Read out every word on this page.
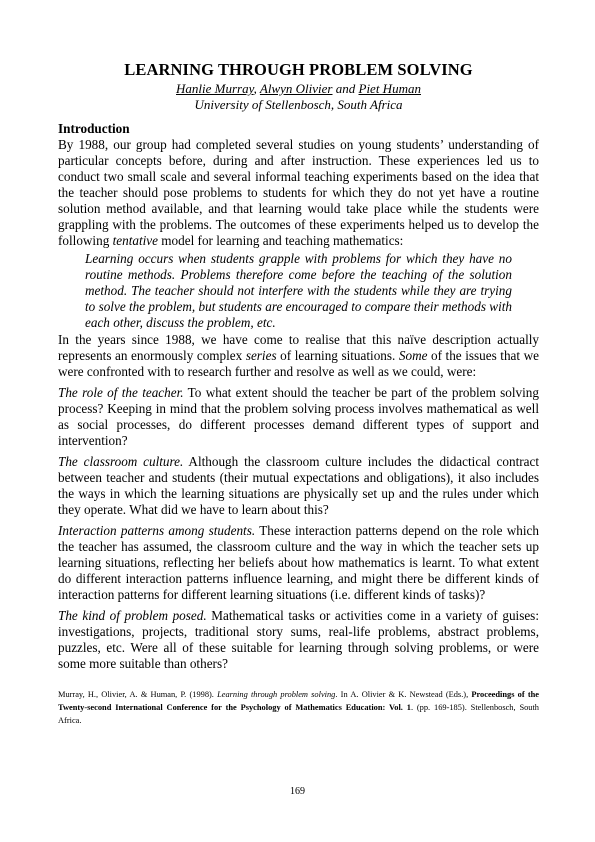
LEARNING THROUGH PROBLEM SOLVING
Hanlie Murray, Alwyn Olivier and Piet Human
University of Stellenbosch, South Africa
Introduction

By 1988, our group had completed several studies on young students’ understanding of particular concepts before, during and after instruction. These experiences led us to conduct two small scale and several informal teaching experiments based on the idea that the teacher should pose problems to students for which they do not yet have a routine solution method available, and that learning would take place while the students were grappling with the problems. The outcomes of these experiments helped us to develop the following tentative model for learning and teaching mathematics:

Learning occurs when students grapple with problems for which they have no routine methods. Problems therefore come before the teaching of the solution method. The teacher should not interfere with the students while they are trying to solve the problem, but students are encouraged to compare their methods with each other, discuss the problem, etc.

In the years since 1988, we have come to realise that this naïve description actually represents an enormously complex series of learning situations. Some of the issues that we were confronted with to research further and resolve as well as we could, were:

The role of the teacher. To what extent should the teacher be part of the problem solving process? Keeping in mind that the problem solving process involves mathematical as well as social processes, do different processes demand different types of support and intervention?

The classroom culture. Although the classroom culture includes the didactical contract between teacher and students (their mutual expectations and obligations), it also includes the ways in which the learning situations are physically set up and the rules under which they operate. What did we have to learn about this?

Interaction patterns among students. These interaction patterns depend on the role which the teacher has assumed, the classroom culture and the way in which the teacher sets up learning situations, reflecting her beliefs about how mathematics is learnt. To what extent do different interaction patterns influence learning, and might there be different kinds of interaction patterns for different learning situations (i.e. different kinds of tasks)?

The kind of problem posed. Mathematical tasks or activities come in a variety of guises: investigations, projects, traditional story sums, real-life problems, abstract problems, puzzles, etc. Were all of these suitable for learning through solving problems, or were some more suitable than others?

Murray, H., Olivier, A. & Human, P. (1998). Learning through problem solving. In A. Olivier & K. Newstead (Eds.), Proceedings of the Twenty-second International Conference for the Psychology of Mathematics Education: Vol. 1. (pp. 169-185). Stellenbosch, South Africa.
169
